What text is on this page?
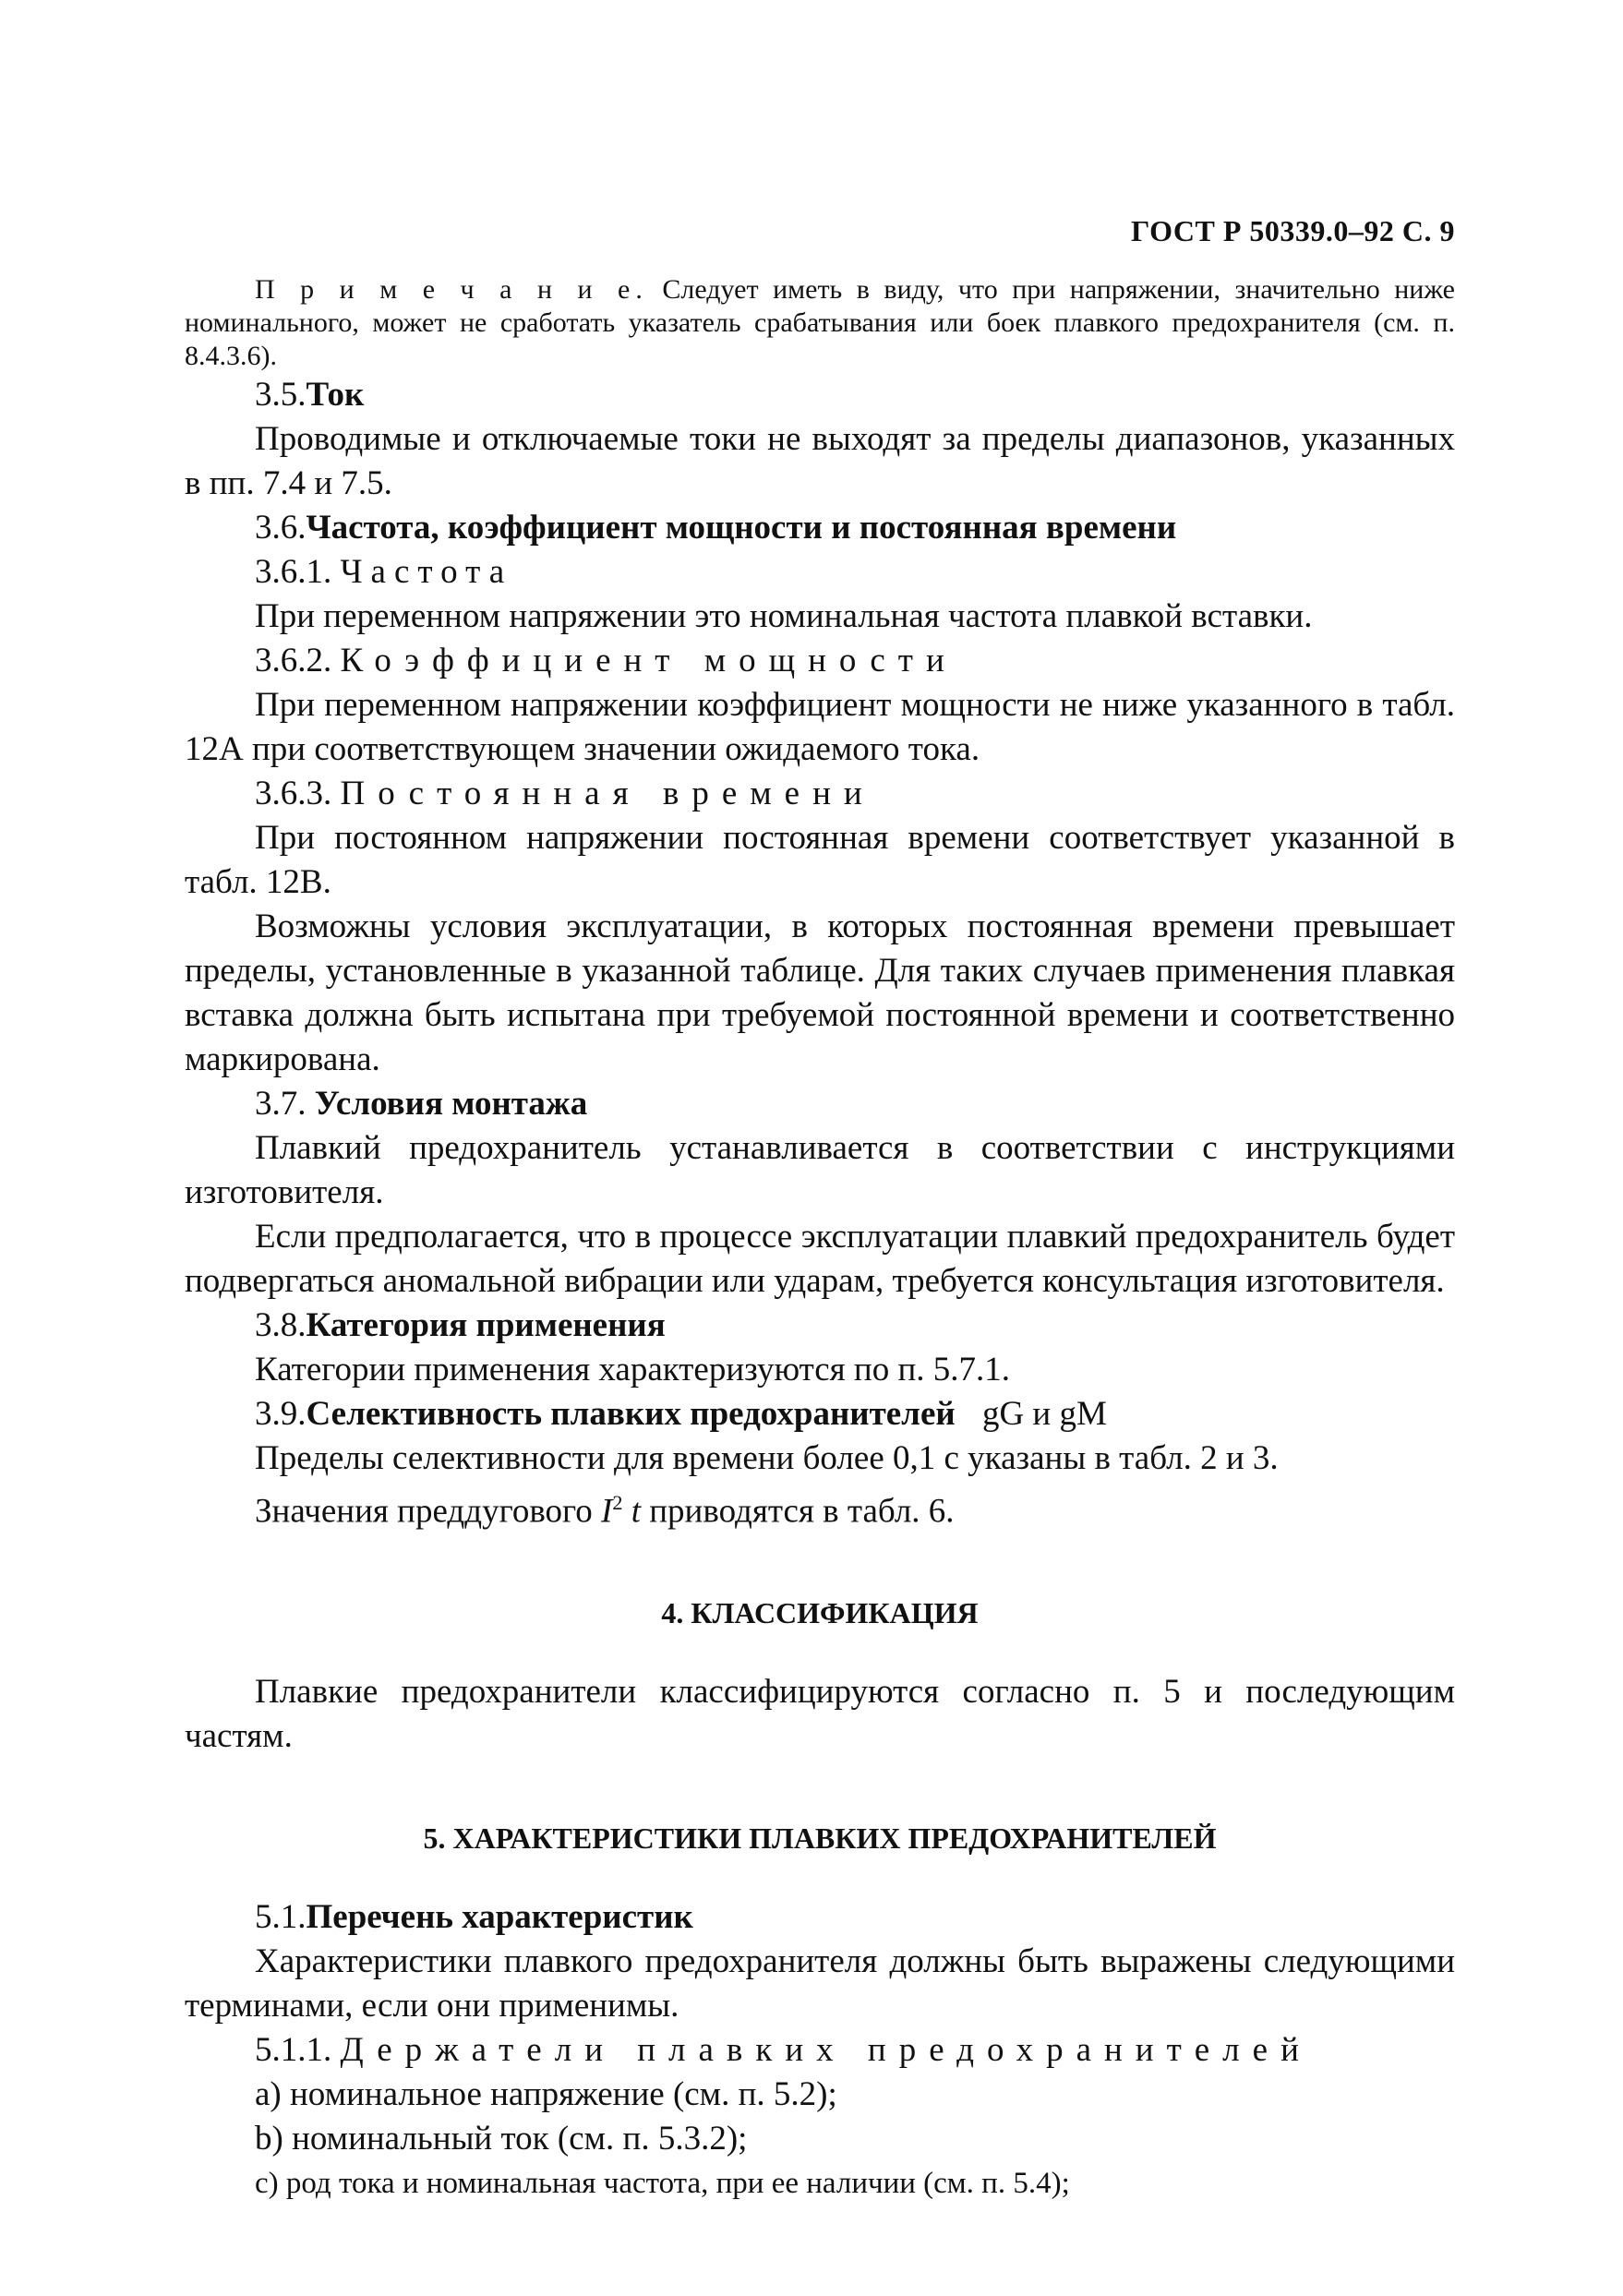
ГОСТ Р 50339.0–92 С. 9

П р и м е ч а н и е. Следует иметь в виду, что при напряжении, значительно ниже номинального, может не сработать указатель срабатывания или боек плавкого предохранителя (см. п. 8.4.3.6).

3.5.Ток

Проводимые и отключаемые токи не выходят за пределы диапазонов, указанных в пп. 7.4 и 7.5.

3.6.Частота, коэффициент мощности и постоянная времени

3.6.1. Частота

При переменном напряжении это номинальная частота плавкой вставки.

3.6.2. Коэффициент мощности

При переменном напряжении коэффициент мощности не ниже указанного в табл. 12А при соответствующем значении ожидаемого тока.

3.6.3. Постоянная времени

При постоянном напряжении постоянная времени соответствует указанной в табл. 12В.

Возможны условия эксплуатации, в которых постоянная времени превышает пределы, установленные в указанной таблице. Для таких случаев применения плавкая вставка должна быть испытана при требуемой постоянной времени и соответственно маркирована.

3.7. Условия монтажа

Плавкий предохранитель устанавливается в соответствии с инструкциями изготовителя.

Если предполагается, что в процессе эксплуатации плавкий предохранитель будет подвергаться аномальной вибрации или ударам, требуется консультация изготовителя.

3.8.Категория применения

Категории применения характеризуются по п. 5.7.1.

3.9.Селективность плавких предохранителей gG и gM

Пределы селективности для времени более 0,1 с указаны в табл. 2 и 3.

Значения преддугового $I^2$ t приводятся в табл. 6.

4. КЛАССИФИКАЦИЯ

Плавкие предохранители классифицируются согласно п. 5 и последующим частям.

5. ХАРАКТЕРИСТИКИ ПЛАВКИХ ПРЕДОХРАНИТЕЛЕЙ

5.1.Перечень характеристик

Характеристики плавкого предохранителя должны быть выражены следующими терминами, если они применимы.

5.1.1. Держатели плавких предохранителей

а) номинальное напряжение (см. п. 5.2);

b) номинальный ток (см. п. 5.3.2);

с) род тока и номинальная частота, при ее наличии (см. п. 5.4);
